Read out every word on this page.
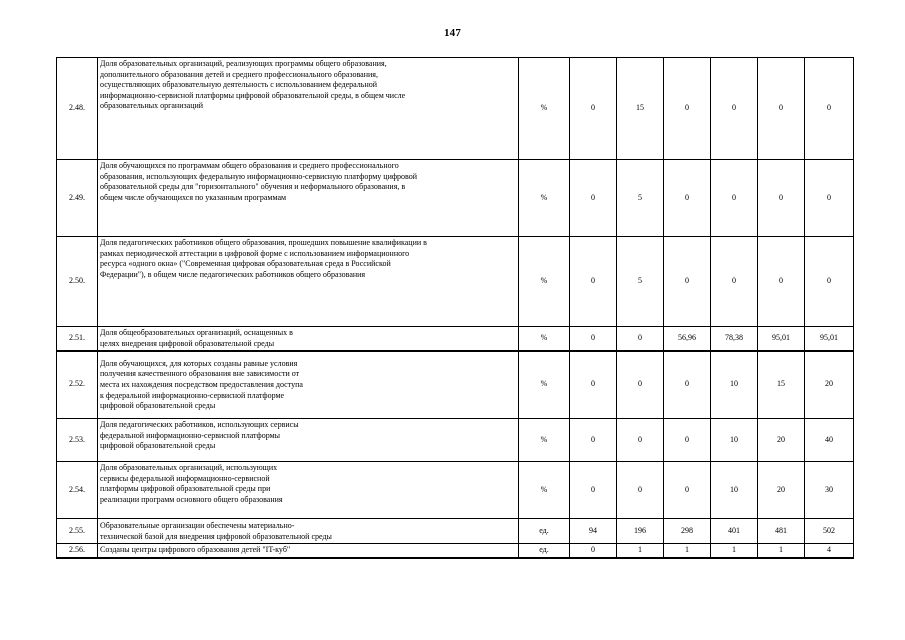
147
2.48.	Доля образовательных организаций, реализующих программы общего образования,
дополнительного образования детей и среднего профессионального образования,
осуществляющих образовательную деятельность с использованием федеральной
информационно-сервисной платформы цифровой образовательной среды, в общем числе
образовательных организаций	%	0	15	0	0	0	0
2.49.	Доля обучающихся по программам общего образования и среднего профессионального
образования, использующих федеральную информационно-сервисную платформу цифровой
образовательной среды для "горизонтального" обучения и неформального образования, в
общем числе обучающихся по указанным программам	%	0	5	0	0	0	0
2.50.	Доля педагогических работников общего образования, прошедших повышение квалификации в
рамках периодической аттестации в цифровой форме с использованием информационного
ресурса «одного окна» ("Современная цифровая образовательная среда в Российской
Федерации"), в общем числе педагогических работников общего образования	%	0	5	0	0	0	0
2.51.	Доля общеобразовательных организаций, оснащенных в
целях внедрения цифровой образовательной среды	%	0	0	56,96	78,38	95,01	95,01
2.52.	Доля обучающихся, для которых созданы равные условия
получения качественного образования вне зависимости от
места их нахождения посредством предоставления доступа
к федеральной информационно-сервисной платформе
цифровой образовательной среды	%	0	0	0	10	15	20
2.53.	Доля педагогических работников, использующих сервисы
федеральной информационно-сервисной платформы
цифровой образовательной среды	%	0	0	0	10	20	40
2.54.	Доля образовательных организаций, использующих
сервисы федеральной информационно-сервисной
платформы цифровой образовательной среды при
реализации программ основного общего образования	%	0	0	0	10	20	30
2.55.	Образовательные организации обеспечены материально-
технической базой для внедрения цифровой образовательной среды	ед.	94	196	298	401	481	502
2.56.	Созданы центры цифрового образования детей "IT-куб"	ед.	0	1	1	1	1	4
